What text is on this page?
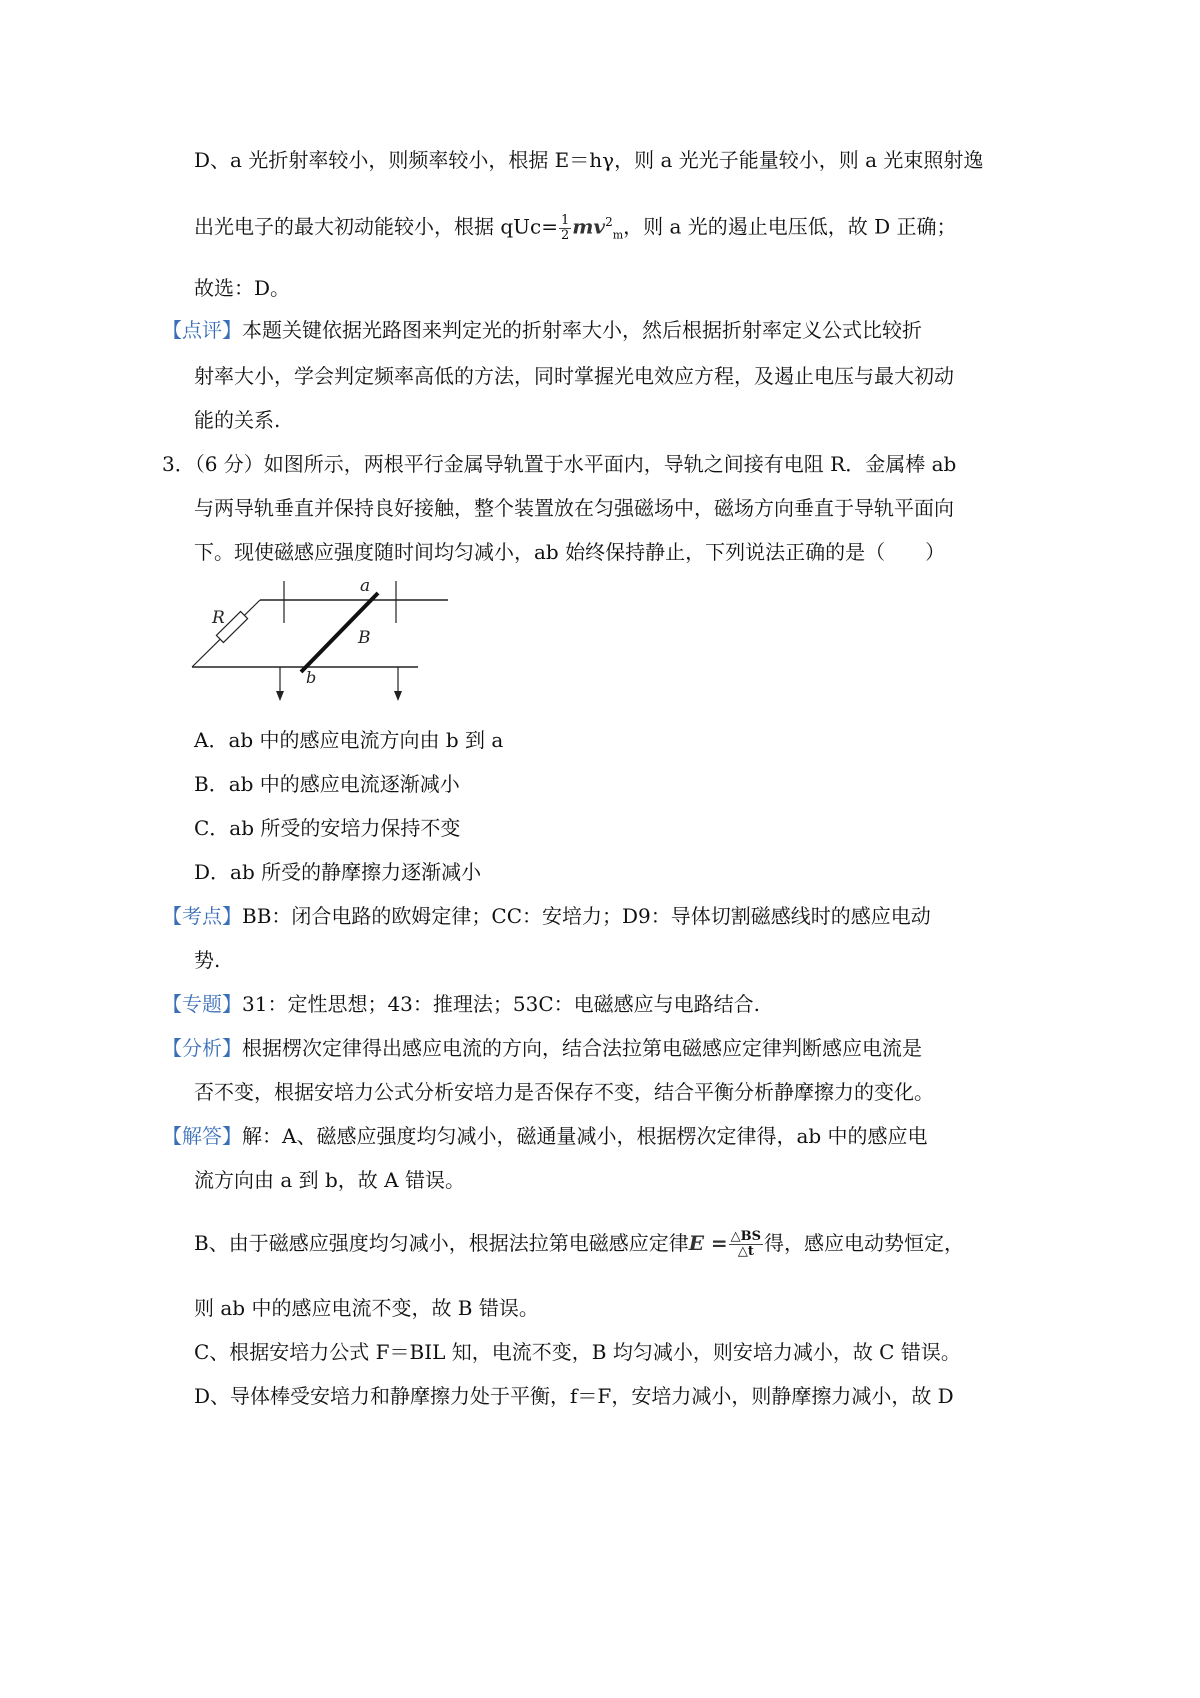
D、a 光折射率较小，则频率较小，根据 E＝hγ，则 a 光光子能量较小，则 a 光束照射逸
出光电子的最大初动能较小，根据 $qUc= \frac{1}{2} mv^2_m$，则 a 光的遏止电压低，故 D 正确；
故选：D。
【点评】本题关键依据光路图来判定光的折射率大小，然后根据折射率定义公式比较折
射率大小，学会判定频率高低的方法，同时掌握光电效应方程，及遏止电压与最大初动
能的关系.
3．（6 分）如图所示，两根平行金属导轨置于水平面内，导轨之间接有电阻 R．金属棒 ab
与两导轨垂直并保持良好接触，整个装置放在匀强磁场中，磁场方向垂直于导轨平面向
下。现使磁感应强度随时间均匀减小，ab 始终保持静止，下列说法正确的是（　　）
R
a
B
b
A．ab 中的感应电流方向由 b 到 a
B．ab 中的感应电流逐渐减小
C．ab 所受的安培力保持不变
D．ab 所受的静摩擦力逐渐减小
【考点】BB：闭合电路的欧姆定律；CC：安培力；D9：导体切割磁感线时的感应电动
势.
【专题】31：定性思想；43：推理法；53C：电磁感应与电路结合.
【分析】根据楞次定律得出感应电流的方向，结合法拉第电磁感应定律判断感应电流是
否不变，根据安培力公式分析安培力是否保存不变，结合平衡分析静摩擦力的变化。
【解答】解：A、磁感应强度均匀减小，磁通量减小，根据楞次定律得，ab 中的感应电
流方向由 a 到 b，故 A 错误。
B、由于磁感应强度均匀减小，根据法拉第电磁感应定律$E = \frac{\triangle BS}{\triangle t}$ 得，感应电动势恒定，
则 ab 中的感应电流不变，故 B 错误。
C、根据安培力公式 F＝BIL 知，电流不变，B 均匀减小，则安培力减小，故 C 错误。
D、导体棒受安培力和静摩擦力处于平衡，f＝F，安培力减小，则静摩擦力减小，故 D
